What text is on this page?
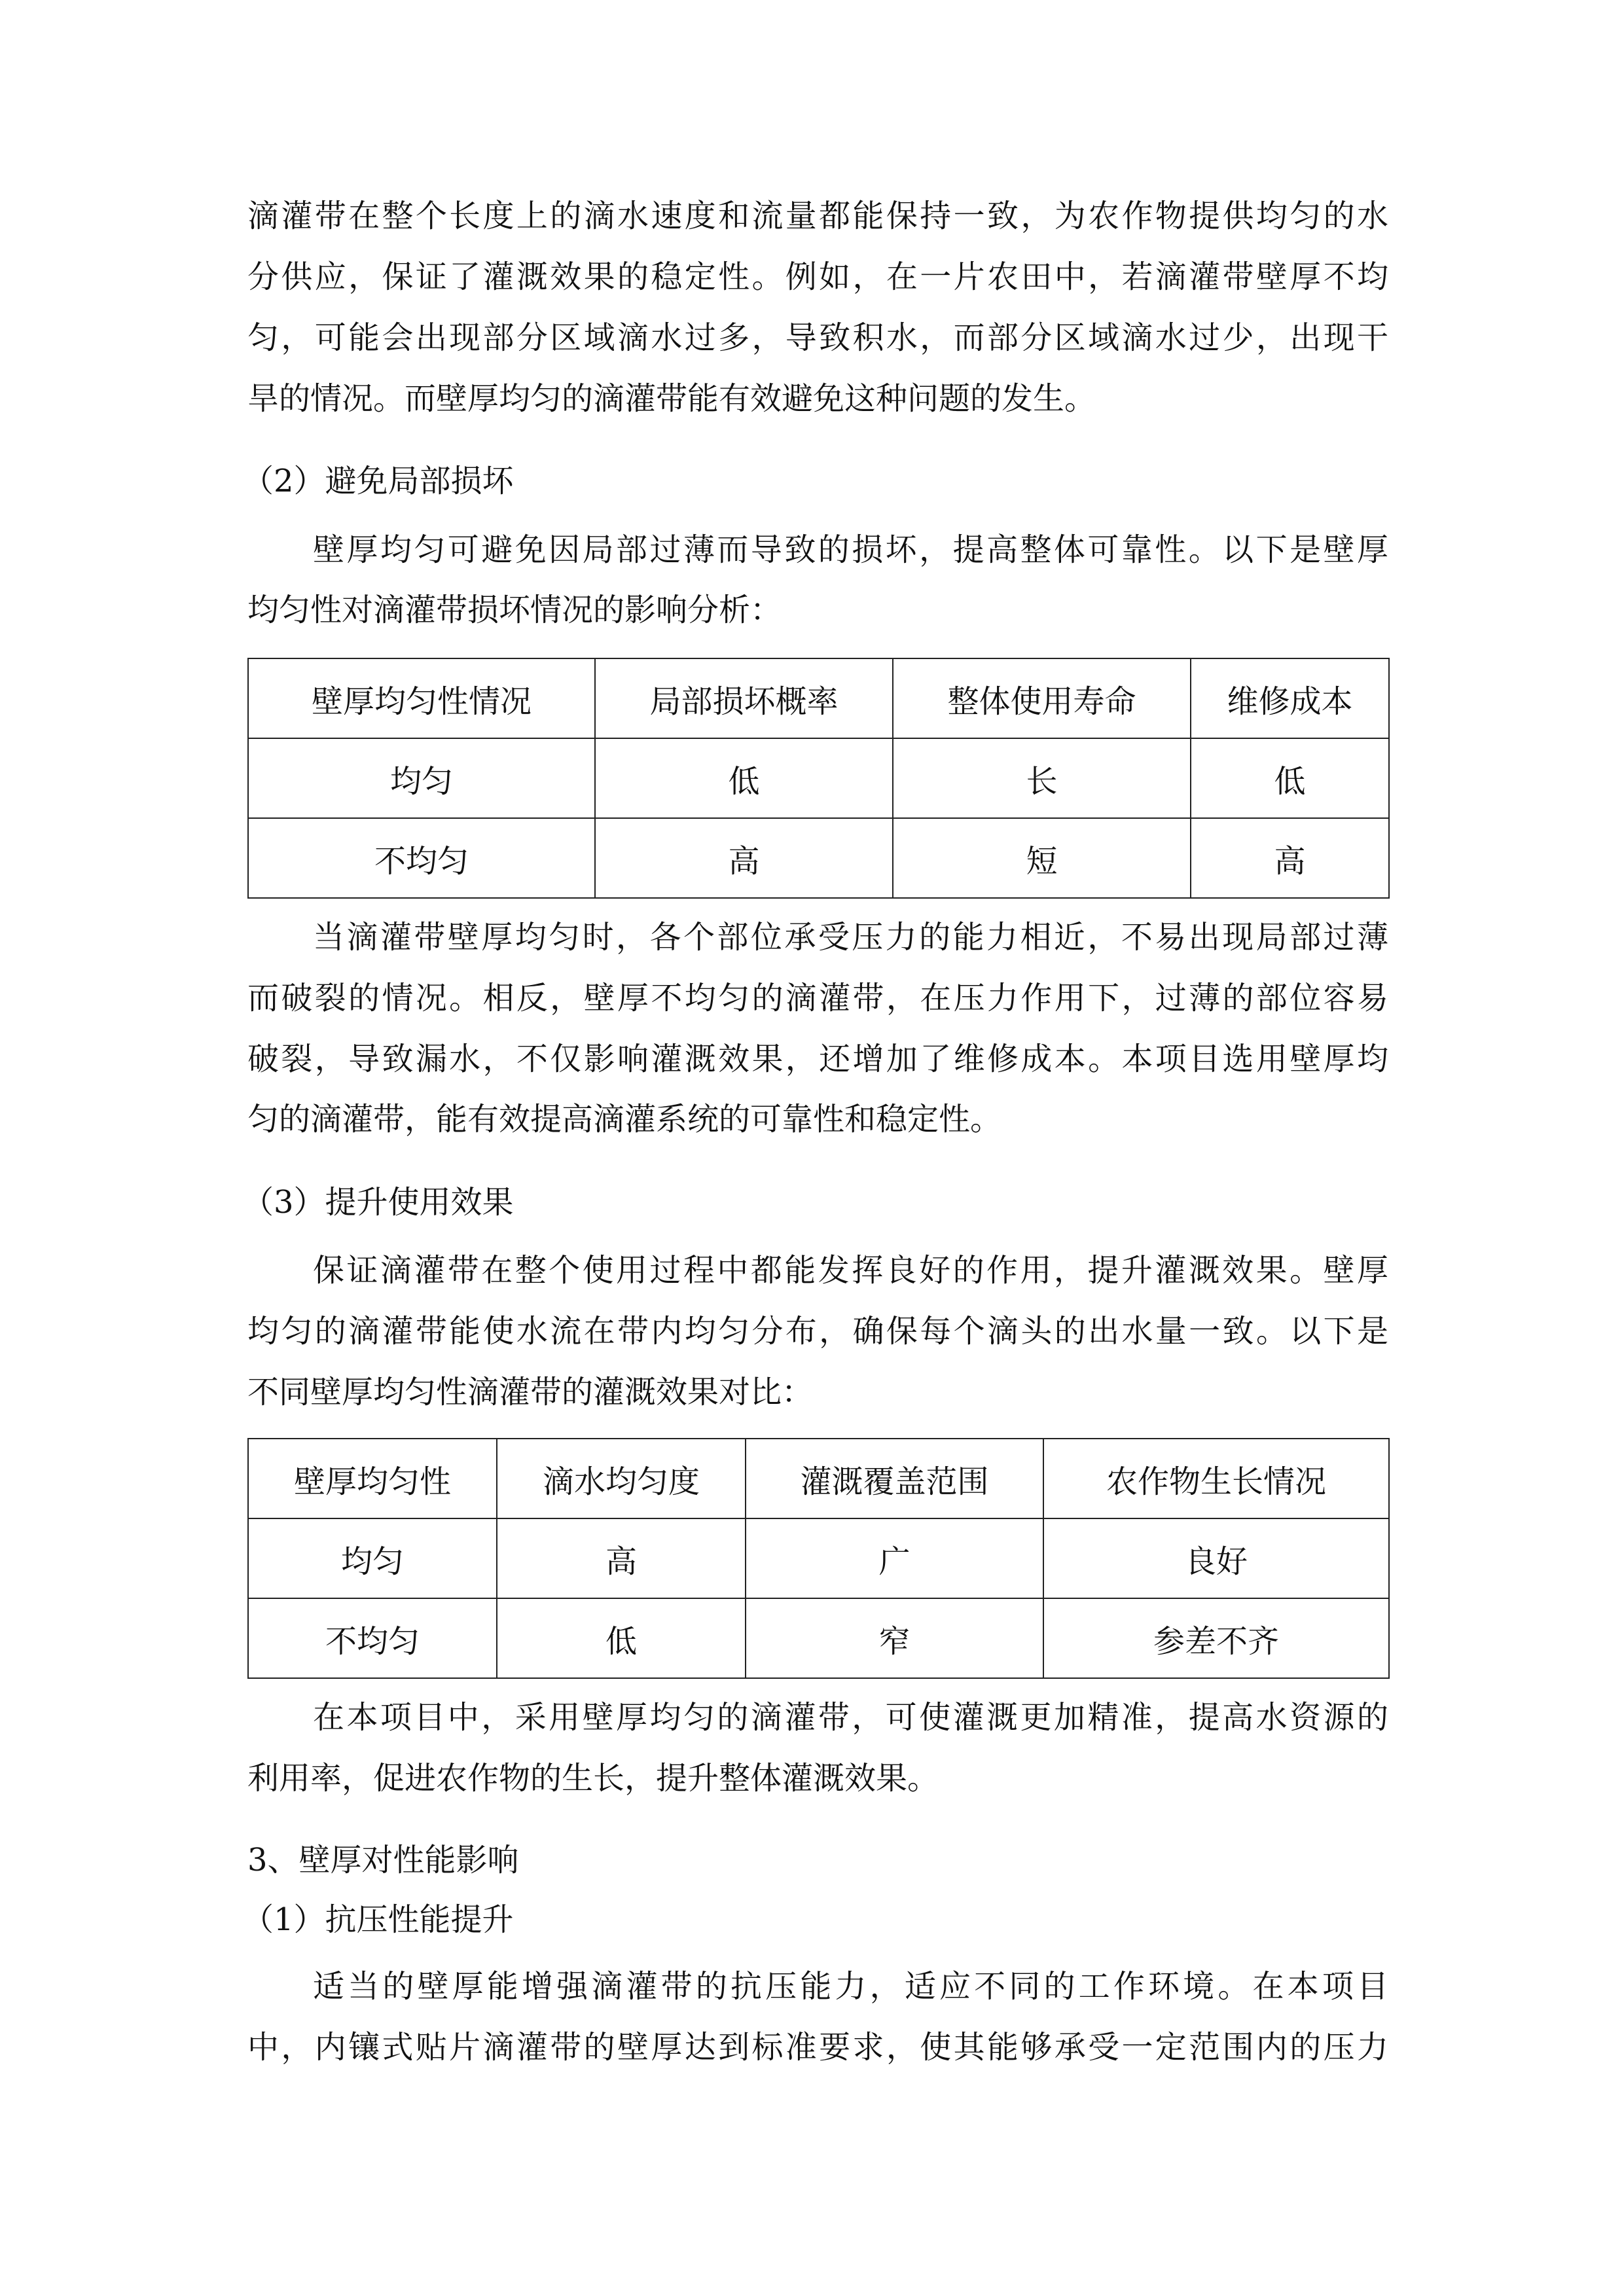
滴灌带在整个长度上的滴水速度和流量都能保持一致，为农作物提供均匀的水
分供应，保证了灌溉效果的稳定性。例如，在一片农田中，若滴灌带壁厚不均
匀，可能会出现部分区域滴水过多，导致积水，而部分区域滴水过少，出现干
旱的情况。而壁厚均匀的滴灌带能有效避免这种问题的发生。
（2）避免局部损坏
壁厚均匀可避免因局部过薄而导致的损坏，提高整体可靠性。以下是壁厚
均匀性对滴灌带损坏情况的影响分析：
壁厚均匀性情况	局部损坏概率	整体使用寿命	维修成本
均匀	低	长	低
不均匀	高	短	高
当滴灌带壁厚均匀时，各个部位承受压力的能力相近，不易出现局部过薄
而破裂的情况。相反，壁厚不均匀的滴灌带，在压力作用下，过薄的部位容易
破裂，导致漏水，不仅影响灌溉效果，还增加了维修成本。本项目选用壁厚均
匀的滴灌带，能有效提高滴灌系统的可靠性和稳定性。
（3）提升使用效果
保证滴灌带在整个使用过程中都能发挥良好的作用，提升灌溉效果。壁厚
均匀的滴灌带能使水流在带内均匀分布，确保每个滴头的出水量一致。以下是
不同壁厚均匀性滴灌带的灌溉效果对比：
壁厚均匀性	滴水均匀度	灌溉覆盖范围	农作物生长情况
均匀	高	广	良好
不均匀	低	窄	参差不齐
在本项目中，采用壁厚均匀的滴灌带，可使灌溉更加精准，提高水资源的
利用率，促进农作物的生长，提升整体灌溉效果。
3、壁厚对性能影响
（1）抗压性能提升
适当的壁厚能增强滴灌带的抗压能力，适应不同的工作环境。在本项目
中，内镶式贴片滴灌带的壁厚达到标准要求，使其能够承受一定范围内的压力
